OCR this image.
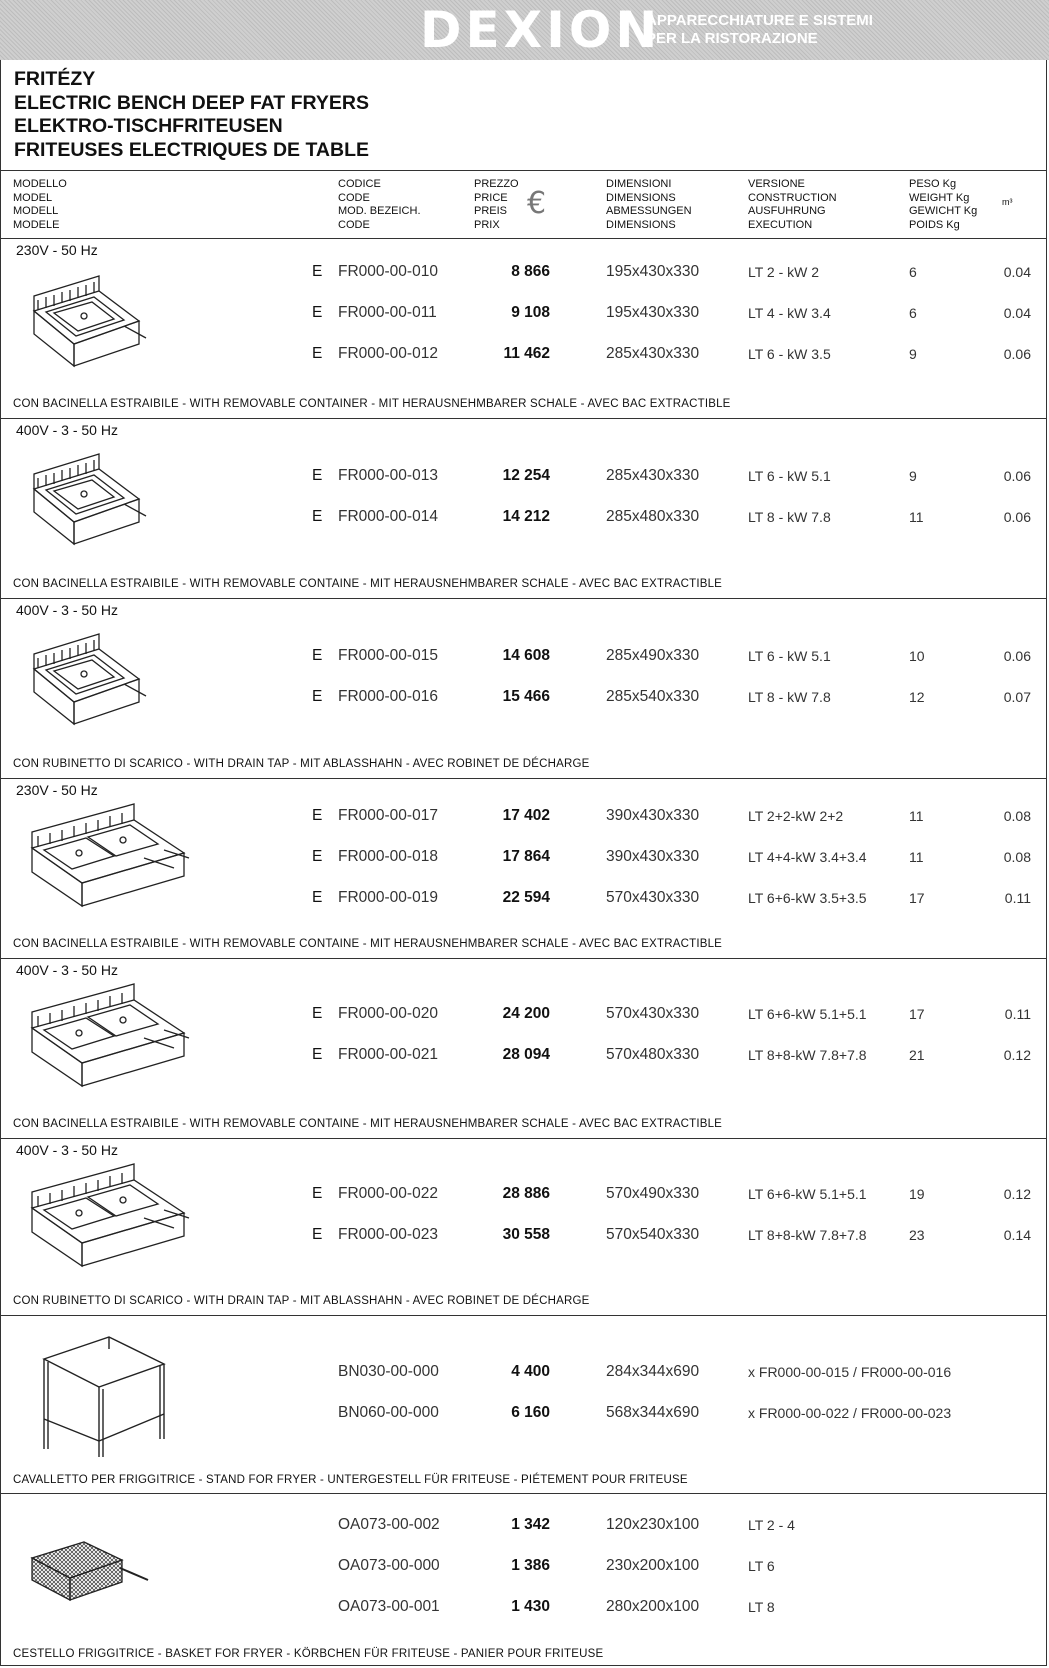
DEXION
APPARECCHIATURE E SISTEMI
PER LA RISTORAZIONE
FRITÉZY
ELECTRIC BENCH DEEP FAT FRYERS
ELEKTRO-TISCHFRITEUSEN
FRITEUSES ELECTRIQUES DE TABLE
MODELLO
MODEL
MODELL
MODELE
CODICE
CODE
MOD. BEZEICH.
CODE
PREZZO
PRICE
PREIS
PRIX
€
DIMENSIONI
DIMENSIONS
ABMESSUNGEN
DIMENSIONS
VERSIONE
CONSTRUCTION
AUSFUHRUNG
EXECUTION
PESO Kg
WEIGHT Kg
GEWICHT Kg
POIDS Kg
m³
230V - 50 Hz
E FR000-00-010	8 866	195x430x330	LT 2 - kW 2	6	0.04
E FR000-00-011	9 108	195x430x330	LT 4 - kW 3.4	6	0.04
E FR000-00-012	11 462	285x430x330	LT 6 - kW 3.5	9	0.06
CON BACINELLA ESTRAIBILE - WITH REMOVABLE CONTAINER - MIT HERAUSNEHMBARER SCHALE - AVEC BAC EXTRACTIBLE
400V - 3 - 50 Hz
E FR000-00-013	12 254	285x430x330	LT 6 - kW 5.1	9	0.06
E FR000-00-014	14 212	285x480x330	LT 8 - kW 7.8	11	0.06
CON BACINELLA ESTRAIBILE - WITH REMOVABLE CONTAINE - MIT HERAUSNEHMBARER SCHALE - AVEC BAC EXTRACTIBLE
400V - 3 - 50 Hz
E FR000-00-015	14 608	285x490x330	LT 6 - kW 5.1	10	0.06
E FR000-00-016	15 466	285x540x330	LT 8 - kW 7.8	12	0.07
CON RUBINETTO DI SCARICO - WITH DRAIN TAP - MIT ABLASSHAHN - AVEC ROBINET DE DÉCHARGE
230V - 50 Hz
E FR000-00-017	17 402	390x430x330	LT 2+2-kW 2+2	11	0.08
E FR000-00-018	17 864	390x430x330	LT 4+4-kW 3.4+3.4	11	0.08
E FR000-00-019	22 594	570x430x330	LT 6+6-kW 3.5+3.5	17	0.11
CON BACINELLA ESTRAIBILE - WITH REMOVABLE CONTAINE - MIT HERAUSNEHMBARER SCHALE - AVEC BAC EXTRACTIBLE
400V - 3 - 50 Hz
E FR000-00-020	24 200	570x430x330	LT 6+6-kW 5.1+5.1	17	0.11
E FR000-00-021	28 094	570x480x330	LT 8+8-kW 7.8+7.8	21	0.12
CON BACINELLA ESTRAIBILE - WITH REMOVABLE CONTAINE - MIT HERAUSNEHMBARER SCHALE - AVEC BAC EXTRACTIBLE
400V - 3 - 50 Hz
E FR000-00-022	28 886	570x490x330	LT 6+6-kW 5.1+5.1	19	0.12
E FR000-00-023	30 558	570x540x330	LT 8+8-kW 7.8+7.8	23	0.14
CON RUBINETTO DI SCARICO - WITH DRAIN TAP - MIT ABLASSHAHN - AVEC ROBINET DE DÉCHARGE
BN030-00-000	4 400	284x344x690	x FR000-00-015 / FR000-00-016
BN060-00-000	6 160	568x344x690	x FR000-00-022 / FR000-00-023
CAVALLETTO PER FRIGGITRICE - STAND FOR FRYER - UNTERGESTELL FÜR FRITEUSE - PIÉTEMENT POUR FRITEUSE
OA073-00-002	1 342	120x230x100	LT 2 - 4
OA073-00-000	1 386	230x200x100	LT 6
OA073-00-001	1 430	280x200x100	LT 8
CESTELLO FRIGGITRICE - BASKET FOR FRYER - KÖRBCHEN FÜR FRITEUSE - PANIER POUR FRITEUSE
